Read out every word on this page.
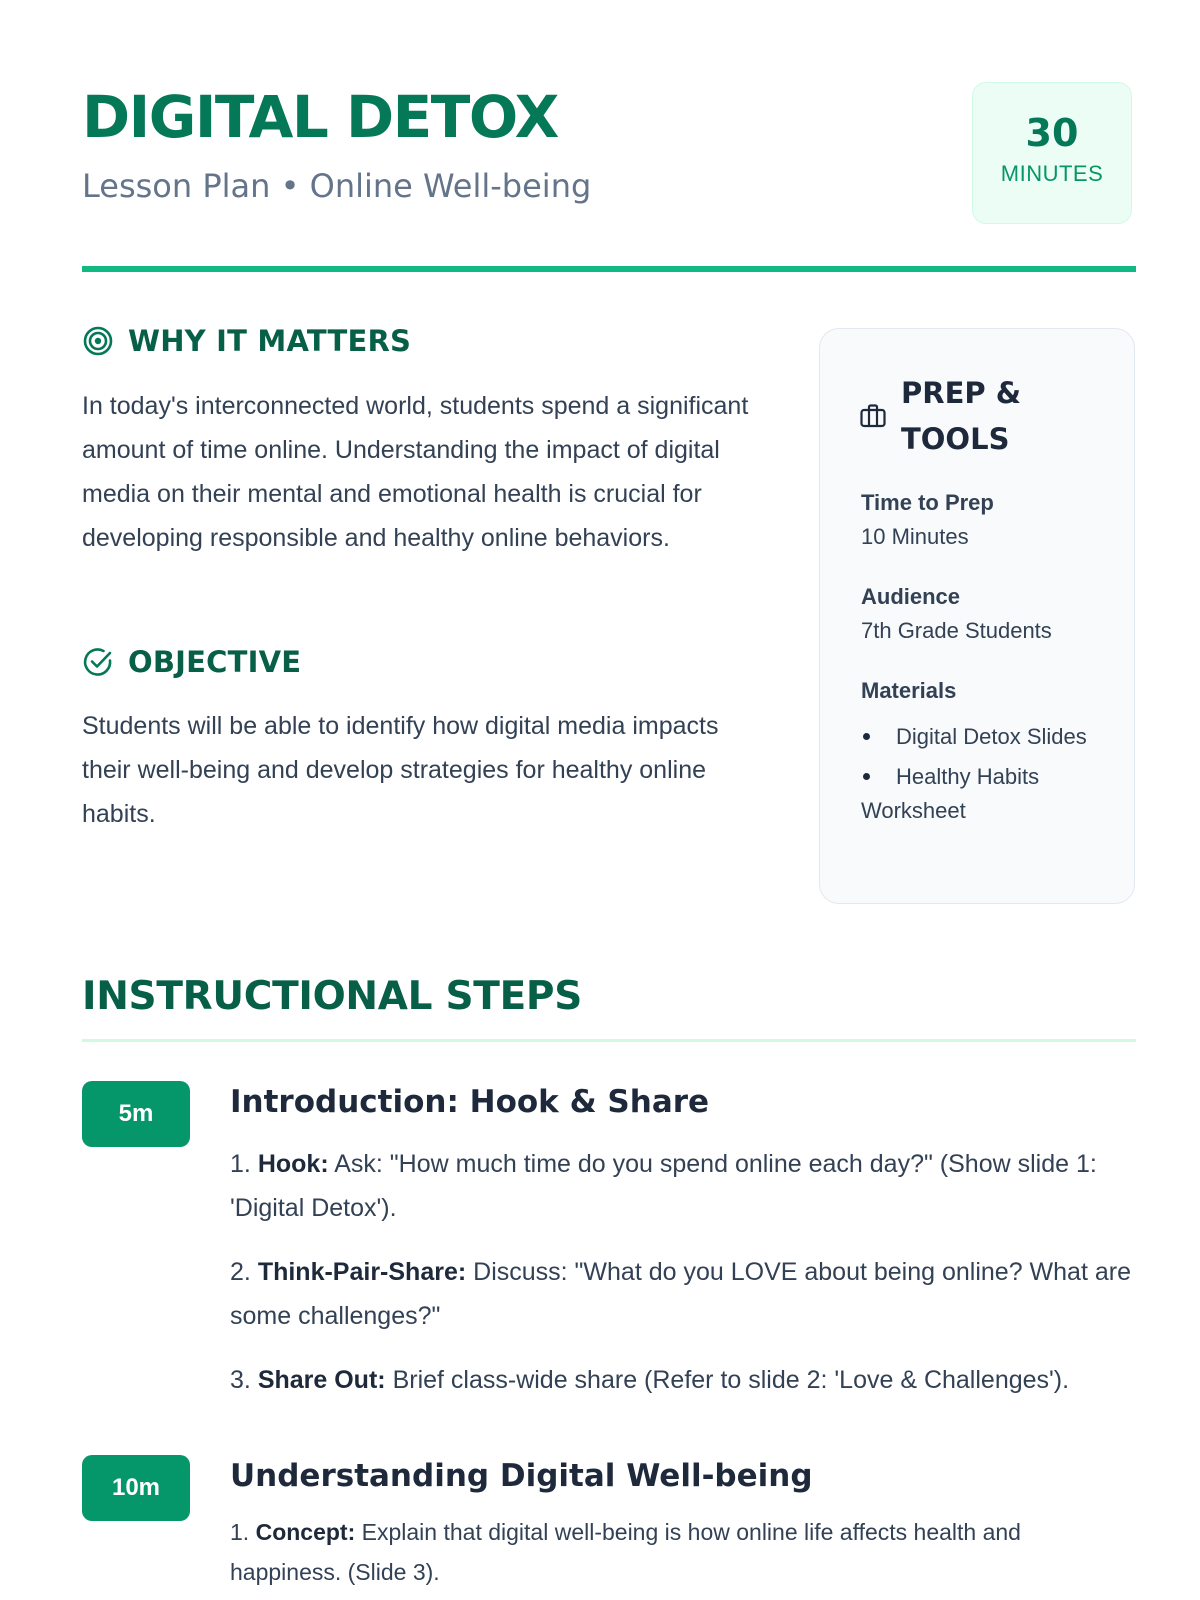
DIGITAL DETOX
Lesson Plan • Online Well-being
30
MINUTES
WHY IT MATTERS

In today's interconnected world, students spend a significant amount of time online. Understanding the impact of digital media on their mental and emotional health is crucial for developing responsible and healthy online behaviors.

OBJECTIVE

Students will be able to identify how digital media impacts their well-being and develop strategies for healthy online habits.

PREP & TOOLS
Time to Prep
10 Minutes
Audience
7th Grade Students
Materials
Digital Detox Slides
Healthy Habits Worksheet
INSTRUCTIONAL STEPS
5m	Introduction: Hook & Share

1. Hook: Ask: "How much time do you spend online each day?" (Show slide 1: 'Digital Detox').

2. Think-Pair-Share: Discuss: "What do you LOVE about being online? What are some challenges?"

3. Share Out: Brief class-wide share (Refer to slide 2: 'Love & Challenges').

10m	Understanding Digital Well-being

1. Concept: Explain that digital well-being is how online life affects health and happiness. (Slide 3).
